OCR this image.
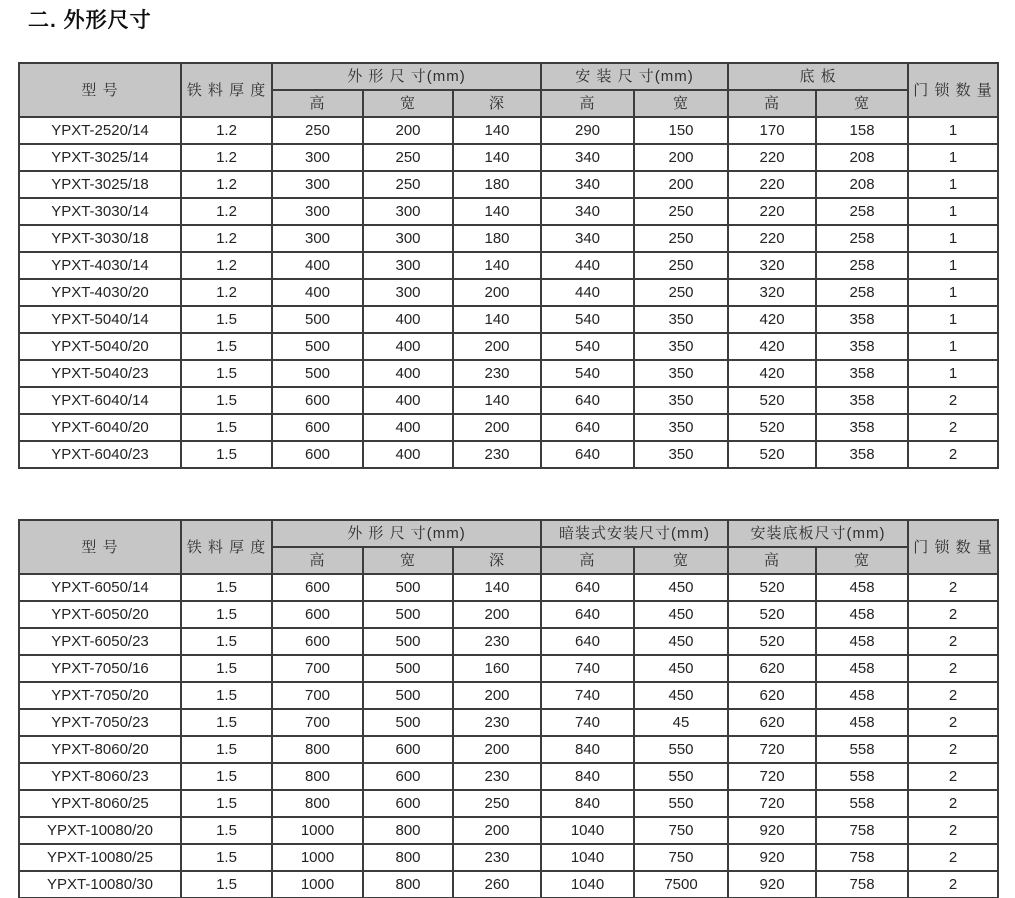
二. 外形尺寸
型 号	铁 料 厚 度	外 形 尺 寸(mm)			安 装 尺 寸(mm)		底 板		门 锁 数 量
		高	宽	深	高	宽	高	宽	
YPXT-2520/14	1.2	250	200	140	290	150	170	158	1
YPXT-3025/14	1.2	300	250	140	340	200	220	208	1
YPXT-3025/18	1.2	300	250	180	340	200	220	208	1
YPXT-3030/14	1.2	300	300	140	340	250	220	258	1
YPXT-3030/18	1.2	300	300	180	340	250	220	258	1
YPXT-4030/14	1.2	400	300	140	440	250	320	258	1
YPXT-4030/20	1.2	400	300	200	440	250	320	258	1
YPXT-5040/14	1.5	500	400	140	540	350	420	358	1
YPXT-5040/20	1.5	500	400	200	540	350	420	358	1
YPXT-5040/23	1.5	500	400	230	540	350	420	358	1
YPXT-6040/14	1.5	600	400	140	640	350	520	358	2
YPXT-6040/20	1.5	600	400	200	640	350	520	358	2
YPXT-6040/23	1.5	600	400	230	640	350	520	358	2
型 号	铁 料 厚 度	外 形 尺 寸(mm)			暗装式安装尺寸(mm)		安装底板尺寸(mm)		门 锁 数 量
		高	宽	深	高	宽	高	宽	
YPXT-6050/14	1.5	600	500	140	640	450	520	458	2
YPXT-6050/20	1.5	600	500	200	640	450	520	458	2
YPXT-6050/23	1.5	600	500	230	640	450	520	458	2
YPXT-7050/16	1.5	700	500	160	740	450	620	458	2
YPXT-7050/20	1.5	700	500	200	740	450	620	458	2
YPXT-7050/23	1.5	700	500	230	740	45	620	458	2
YPXT-8060/20	1.5	800	600	200	840	550	720	558	2
YPXT-8060/23	1.5	800	600	230	840	550	720	558	2
YPXT-8060/25	1.5	800	600	250	840	550	720	558	2
YPXT-10080/20	1.5	1000	800	200	1040	750	920	758	2
YPXT-10080/25	1.5	1000	800	230	1040	750	920	758	2
YPXT-10080/30	1.5	1000	800	260	1040	7500	920	758	2
